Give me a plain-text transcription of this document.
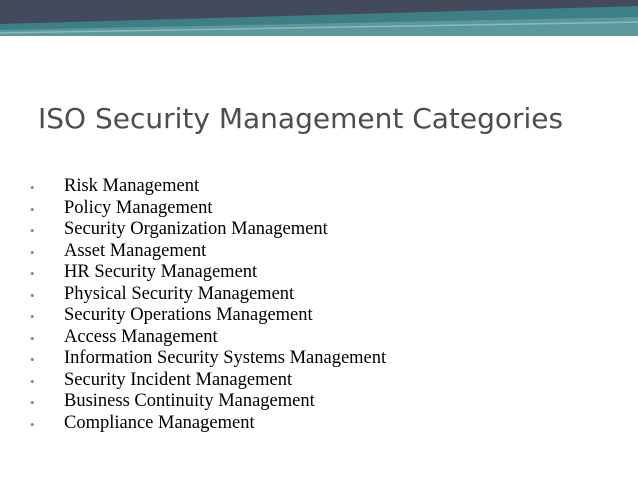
ISO Security Management Categories
• Risk Management
• Policy Management
• Security Organization Management
• Asset Management
• HR Security Management
• Physical Security Management
• Security Operations Management
• Access Management
• Information Security Systems Management
• Security Incident Management
• Business Continuity Management
• Compliance Management
